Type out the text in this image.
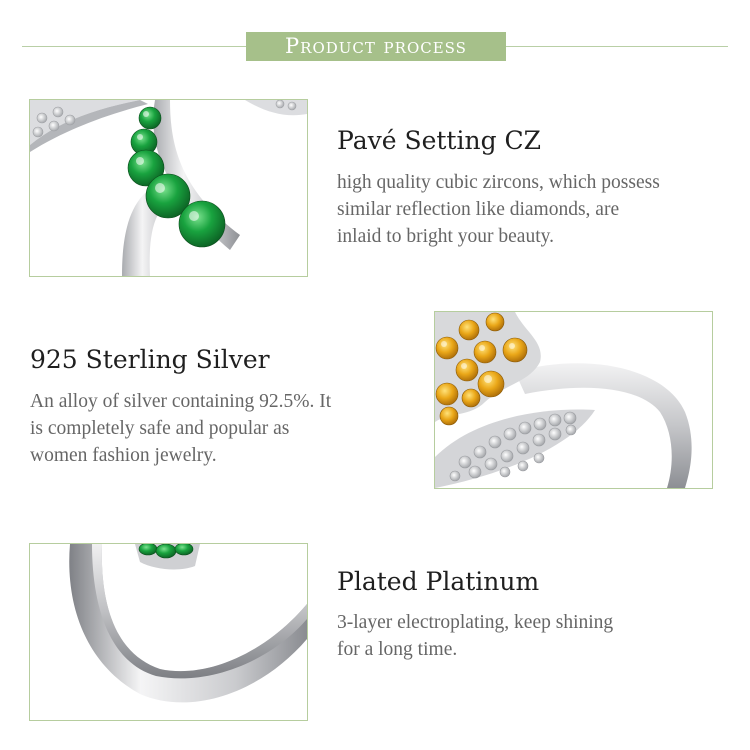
Product process
Pavé Setting CZ
high quality cubic zircons, which possess
similar reflection like diamonds, are
inlaid to bright your beauty.
925 Sterling Silver
An alloy of silver containing 92.5%. It
is completely safe and popular as
women fashion jewelry.
Plated Platinum
3-layer electroplating, keep shining
for a long time.
